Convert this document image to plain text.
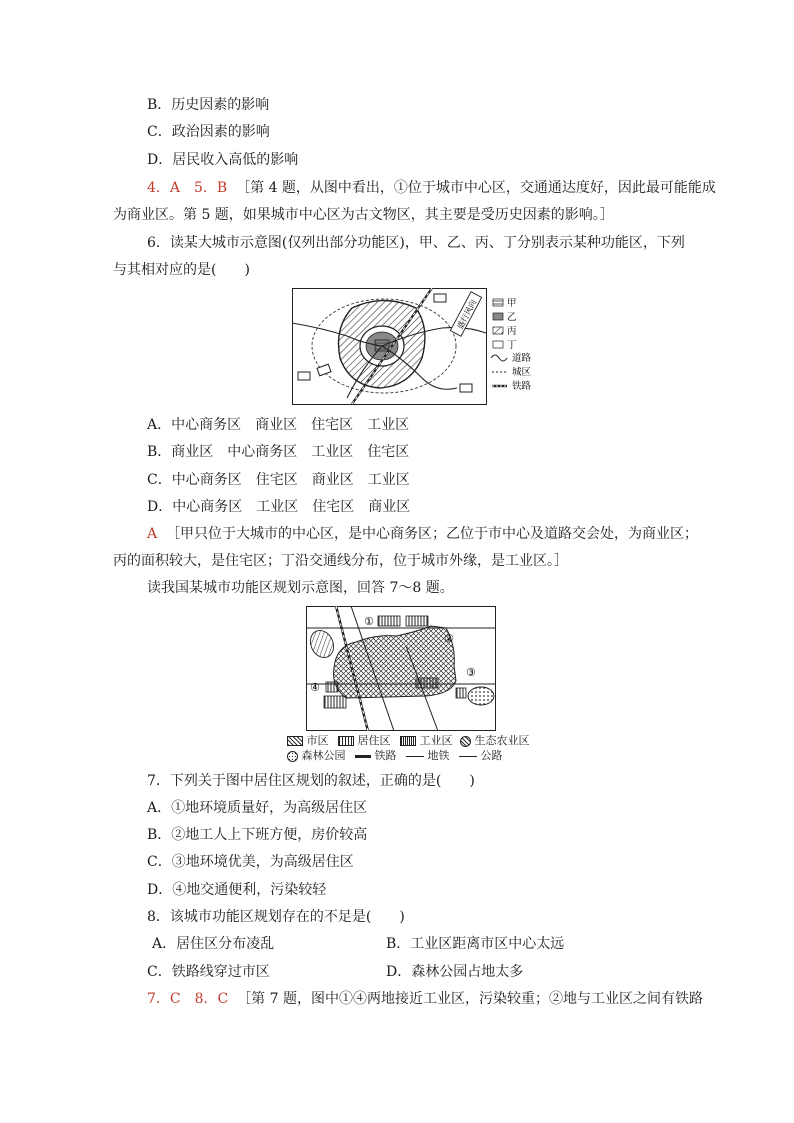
B．历史因素的影响
C．政治因素的影响
D．居民收入高低的影响
4．A　5．B ［第 4 题，从图中看出，①位于城市中心区，交通通达度好，因此最可能能成
为商业区。第 5 题，如果城市中心区为古文物区，其主要是受历史因素的影响。］
6．读某大城市示意图(仅列出部分功能区)，甲、乙、丙、丁分别表示某种功能区，下列
与其相对应的是(　　)
盛行风向	甲
乙
丙
丁
道路
城区
铁路
A．中心商务区　商业区　住宅区　工业区
B．商业区　中心商务区　工业区　住宅区
C．中心商务区　住宅区　商业区　工业区
D．中心商务区　工业区　住宅区　商业区
A ［甲只位于大城市的中心区，是中心商务区；乙位于市中心及道路交会处，为商业区；
丙的面积较大，是住宅区；丁沿交通线分布，位于城市外缘，是工业区。］
读我国某城市功能区规划示意图，回答 7～8 题。
①
②
③
④
市区	居住区	工业区 生态农业区
森林公园	铁路	地铁	公路
7．下列关于图中居住区规划的叙述，正确的是(　　)
A．①地环境质量好，为高级居住区
B．②地工人上下班方便，房价较高
C．③地环境优美，为高级居住区
D．④地交通便利，污染较轻
8．该城市功能区规划存在的不足是(　　)
A．居住区分布凌乱	B．工业区距离市区中心太远
C．铁路线穿过市区	D．森林公园占地太多
7．C　8．C ［第 7 题，图中①④两地接近工业区，污染较重；②地与工业区之间有铁路
